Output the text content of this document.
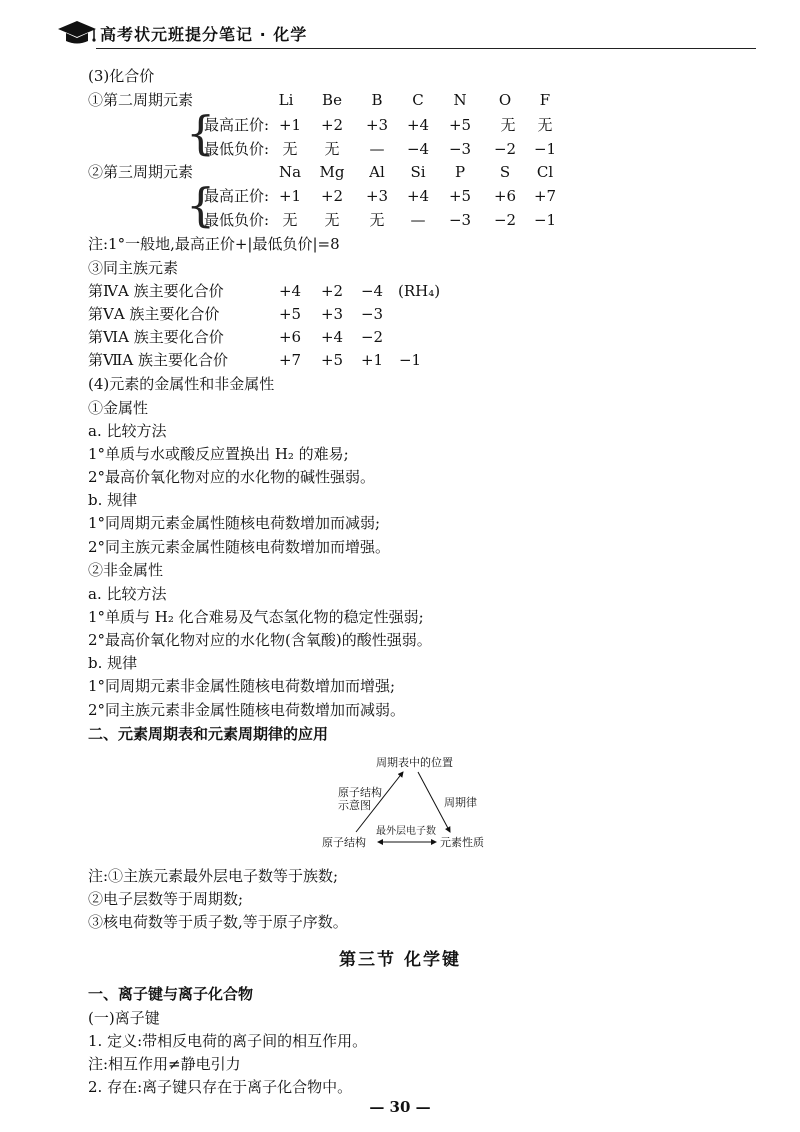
高考状元班提分笔记 · 化学
(3)化合价
①第二周期元素	Li Be B C N O F
{
最高正价: +1 +2 +3 +4 +5 无 无
最低负价: 无 无 — −4 −3 −2 −1
②第三周期元素	Na Mg Al Si P S Cl
{
最高正价: +1 +2 +3 +4 +5 +6 +7
最低负价: 无 无 无 — −3 −2 −1
注:1°一般地,最高正价+|最低负价|=8
③同主族元素
第ⅣA 族主要化合价	+4 +2 −4 (RH₄)
第ⅤA 族主要化合价	+5 +3 −3
第ⅥA 族主要化合价	+6 +4 −2
第ⅦA 族主要化合价	+7 +5 +1 −1
(4)元素的金属性和非金属性
①金属性
a. 比较方法
1°单质与水或酸反应置换出 H₂ 的难易;
2°最高价氧化物对应的水化物的碱性强弱。
b. 规律
1°同周期元素金属性随核电荷数增加而减弱;
2°同主族元素金属性随核电荷数增加而增强。
②非金属性
a. 比较方法
1°单质与 H₂ 化合难易及气态氢化物的稳定性强弱;
2°最高价氧化物对应的水化物(含氧酸)的酸性强弱。
b. 规律
1°同周期元素非金属性随核电荷数增加而增强;
2°同主族元素非金属性随核电荷数增加而减弱。
二、元素周期表和元素周期律的应用
周期表中的位置
原子结构
示意图	周期律
最外层电子数
原子结构	元素性质
注:①主族元素最外层电子数等于族数;
②电子层数等于周期数;
③核电荷数等于质子数,等于原子序数。
第三节 化学键
一、离子键与离子化合物
(一)离子键
1. 定义:带相反电荷的离子间的相互作用。
注:相互作用≠静电引力
2. 存在:离子键只存在于离子化合物中。
— 30 —
